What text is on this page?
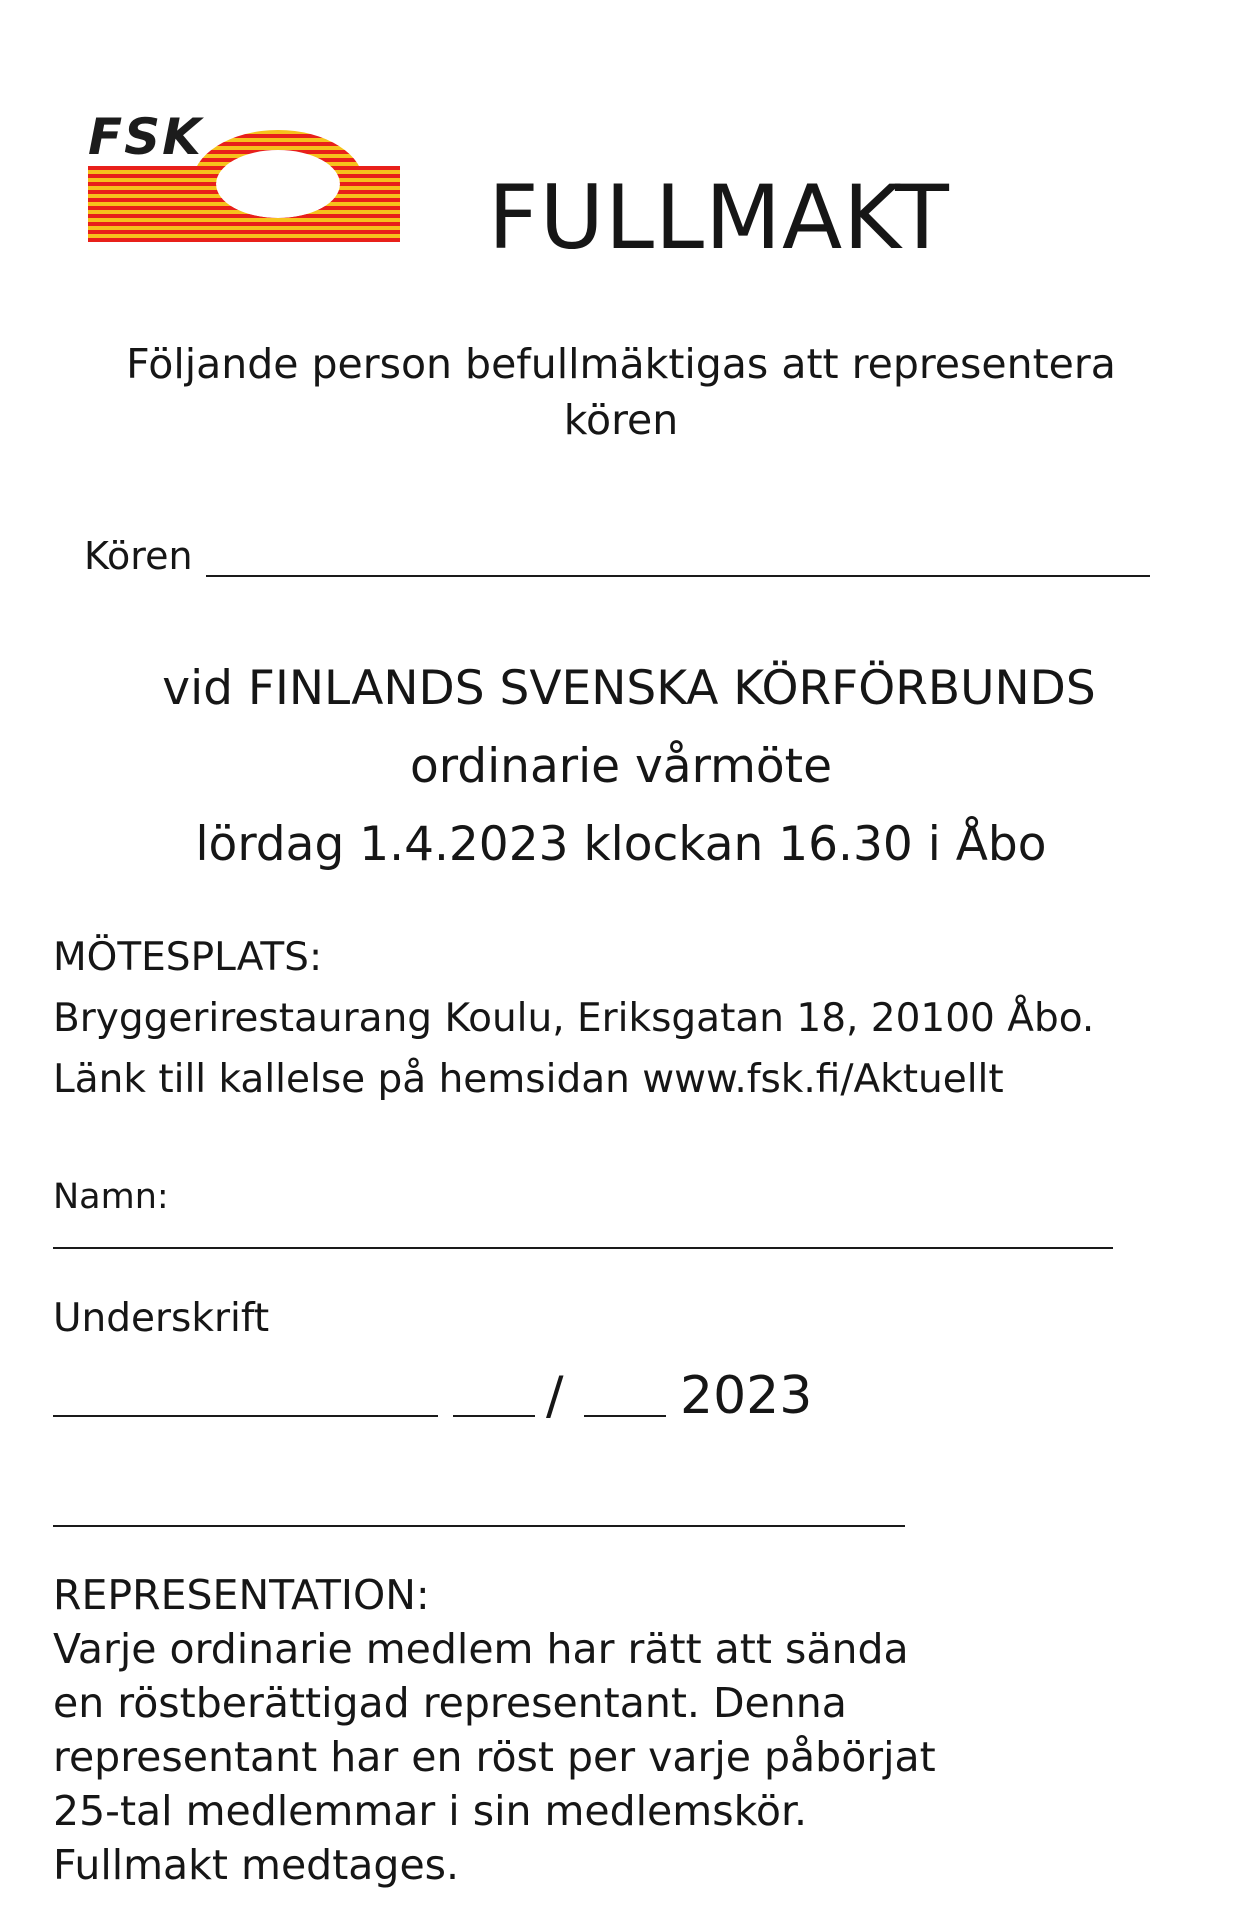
FSK
FULLMAKT
Följande person befullmäktigas att representera
kören
Kören
vid FINLANDS SVENSKA KÖRFÖRBUNDS
ordinarie vårmöte
lördag 1.4.2023 klockan 16.30 i Åbo
MÖTESPLATS:
Bryggerirestaurang Koulu, Eriksgatan 18, 20100 Åbo.
Länk till kallelse på hemsidan www.fsk.fi/Aktuellt
Namn:
Underskrift
/ 2023
REPRESENTATION:
Varje ordinarie medlem har rätt att sända
en röstberättigad representant. Denna
representant har en röst per varje påbörjat
25-tal medlemmar i sin medlemskör.
Fullmakt medtages.
